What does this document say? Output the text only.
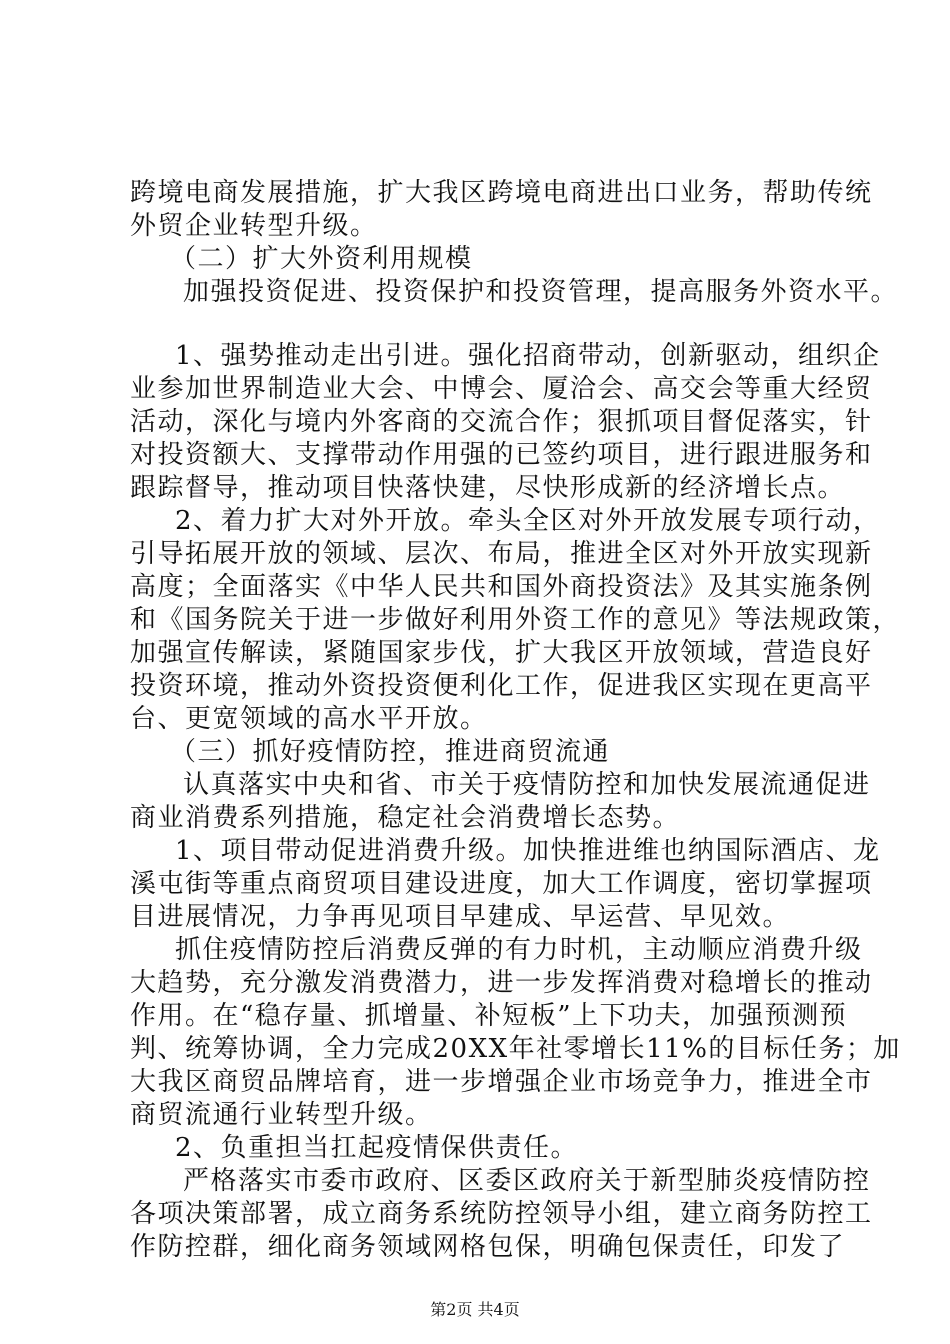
跨境电商发展措施，扩大我区跨境电商进出口业务，帮助传统
外贸企业转型升级。
（二）扩大外资利用规模
加强投资促进、投资保护和投资管理，提高服务外资水平。
1、强势推动走出引进。强化招商带动，创新驱动，组织企
业参加世界制造业大会、中博会、厦洽会、高交会等重大经贸
活动，深化与境内外客商的交流合作；狠抓项目督促落实，针
对投资额大、支撑带动作用强的已签约项目，进行跟进服务和
跟踪督导，推动项目快落快建，尽快形成新的经济增长点。
2、着力扩大对外开放。牵头全区对外开放发展专项行动，
引导拓展开放的领域、层次、布局，推进全区对外开放实现新
高度；全面落实《中华人民共和国外商投资法》及其实施条例
和《国务院关于进一步做好利用外资工作的意见》等法规政策，
加强宣传解读，紧随国家步伐，扩大我区开放领域，营造良好
投资环境，推动外资投资便利化工作，促进我区实现在更高平
台、更宽领域的高水平开放。
（三）抓好疫情防控，推进商贸流通
认真落实中央和省、市关于疫情防控和加快发展流通促进
商业消费系列措施，稳定社会消费增长态势。
1、项目带动促进消费升级。加快推进维也纳国际酒店、龙
溪屯街等重点商贸项目建设进度，加大工作调度，密切掌握项
目进展情况，力争再见项目早建成、早运营、早见效。
抓住疫情防控后消费反弹的有力时机，主动顺应消费升级
大趋势，充分激发消费潜力，进一步发挥消费对稳增长的推动
作用。在“稳存量、抓增量、补短板”上下功夫，加强预测预
判、统筹协调，全力完成20XX年社零增长11%的目标任务；加
大我区商贸品牌培育，进一步增强企业市场竞争力，推进全市
商贸流通行业转型升级。
2、负重担当扛起疫情保供责任。
严格落实市委市政府、区委区政府关于新型肺炎疫情防控
各项决策部署，成立商务系统防控领导小组，建立商务防控工
作防控群，细化商务领域网格包保，明确包保责任，印发了
第2页 共4页
